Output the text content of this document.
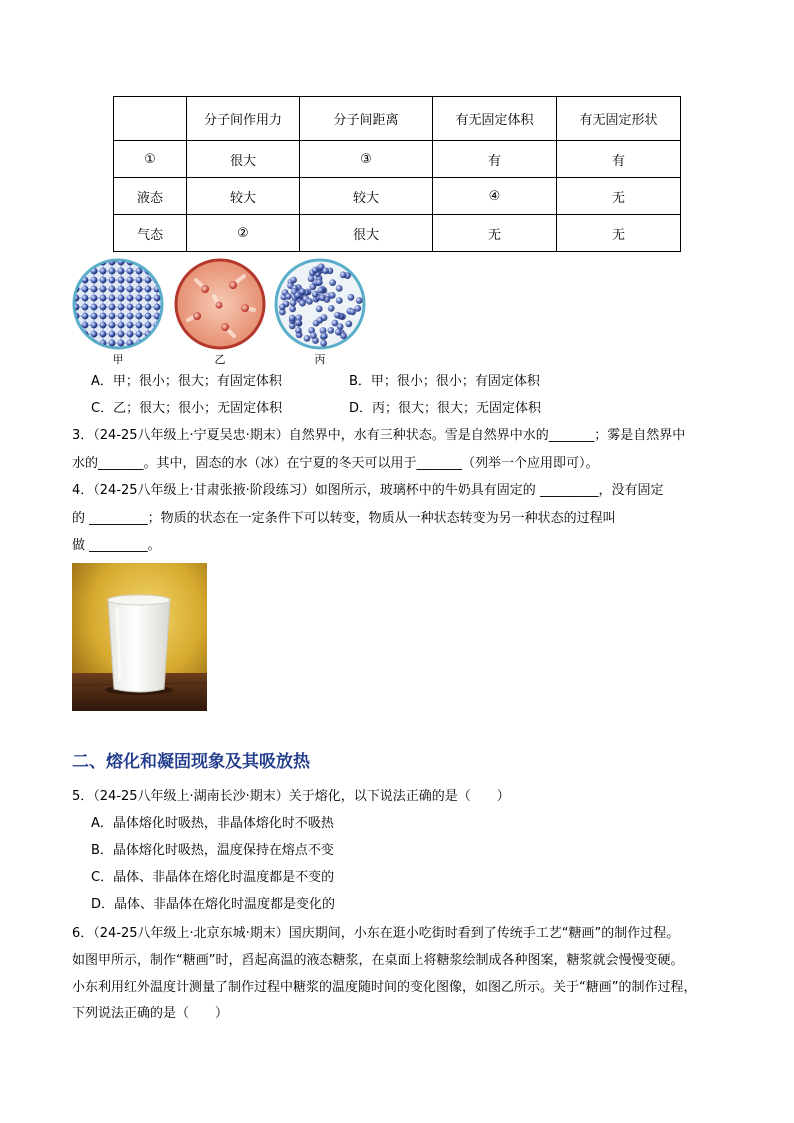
	分子间作用力	分子间距离	有无固定体积	有无固定形状
①	很大	③	有	有
液态	较大	较大	④	无
气态	②	很大	无	无
甲	乙	丙
A．甲；很小；很大；有固定体积	B．甲；很小；很小；有固定体积
C．乙；很大；很小；无固定体积	D．丙；很大；很大；无固定体积
3．（24-25八年级上·宁夏吴忠·期末）自然界中，水有三种状态。雪是自然界中水的_______；雾是自然界中
水的_______。其中，固态的水（冰）在宁夏的冬天可以用于_______（列举一个应用即可）。
4．（24-25八年级上·甘肃张掖·阶段练习）如图所示，玻璃杯中的牛奶具有固定的 _________，没有固定
的 _________；物质的状态在一定条件下可以转变，物质从一种状态转变为另一种状态的过程叫
做 _________。
二、熔化和凝固现象及其吸放热
5．（24-25八年级上·湖南长沙·期末）关于熔化，以下说法正确的是（　　）
A．晶体熔化时吸热，非晶体熔化时不吸热
B．晶体熔化时吸热，温度保持在熔点不变
C．晶体、非晶体在熔化时温度都是不变的
D．晶体、非晶体在熔化时温度都是变化的
6．（24-25八年级上·北京东城·期末）国庆期间，小东在逛小吃街时看到了传统手工艺“糖画”的制作过程。
如图甲所示，制作“糖画”时，舀起高温的液态糖浆，在桌面上将糖浆绘制成各种图案，糖浆就会慢慢变硬。
小东利用红外温度计测量了制作过程中糖浆的温度随时间的变化图像，如图乙所示。关于“糖画”的制作过程，
下列说法正确的是（　　）
